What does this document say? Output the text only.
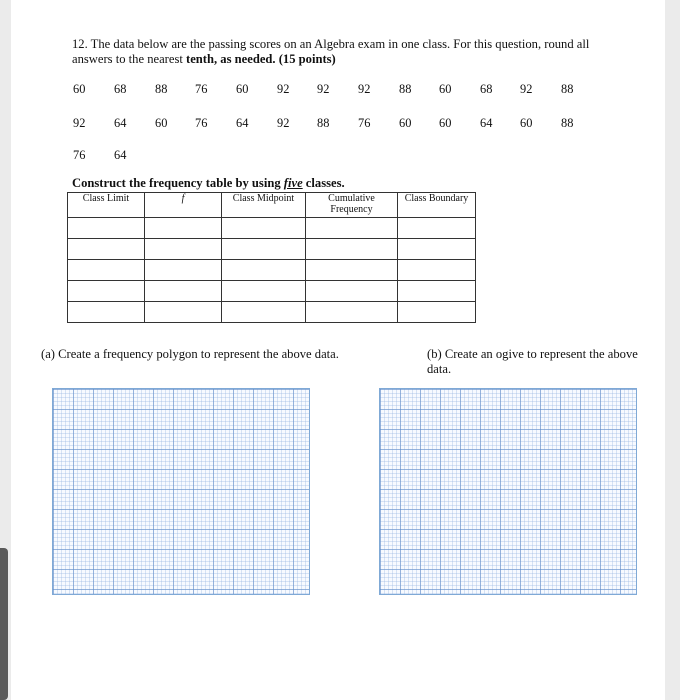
12. The data below are the passing scores on an Algebra exam in one class. For this question, round all answers to the nearest tenth, as needed. (15 points)
60 68 88 76 60 92 92 92 88 60 68 92 88
92 64 60 76 64 92 88 76 60 60 64 60 88
76 64
Construct the frequency table by using five classes.
Class Limit	f	Class Midpoint	Cumulative Frequency	Class Boundary

(a) Create a frequency polygon to represent the above data.	(b) Create an ogive to represent the above data.
